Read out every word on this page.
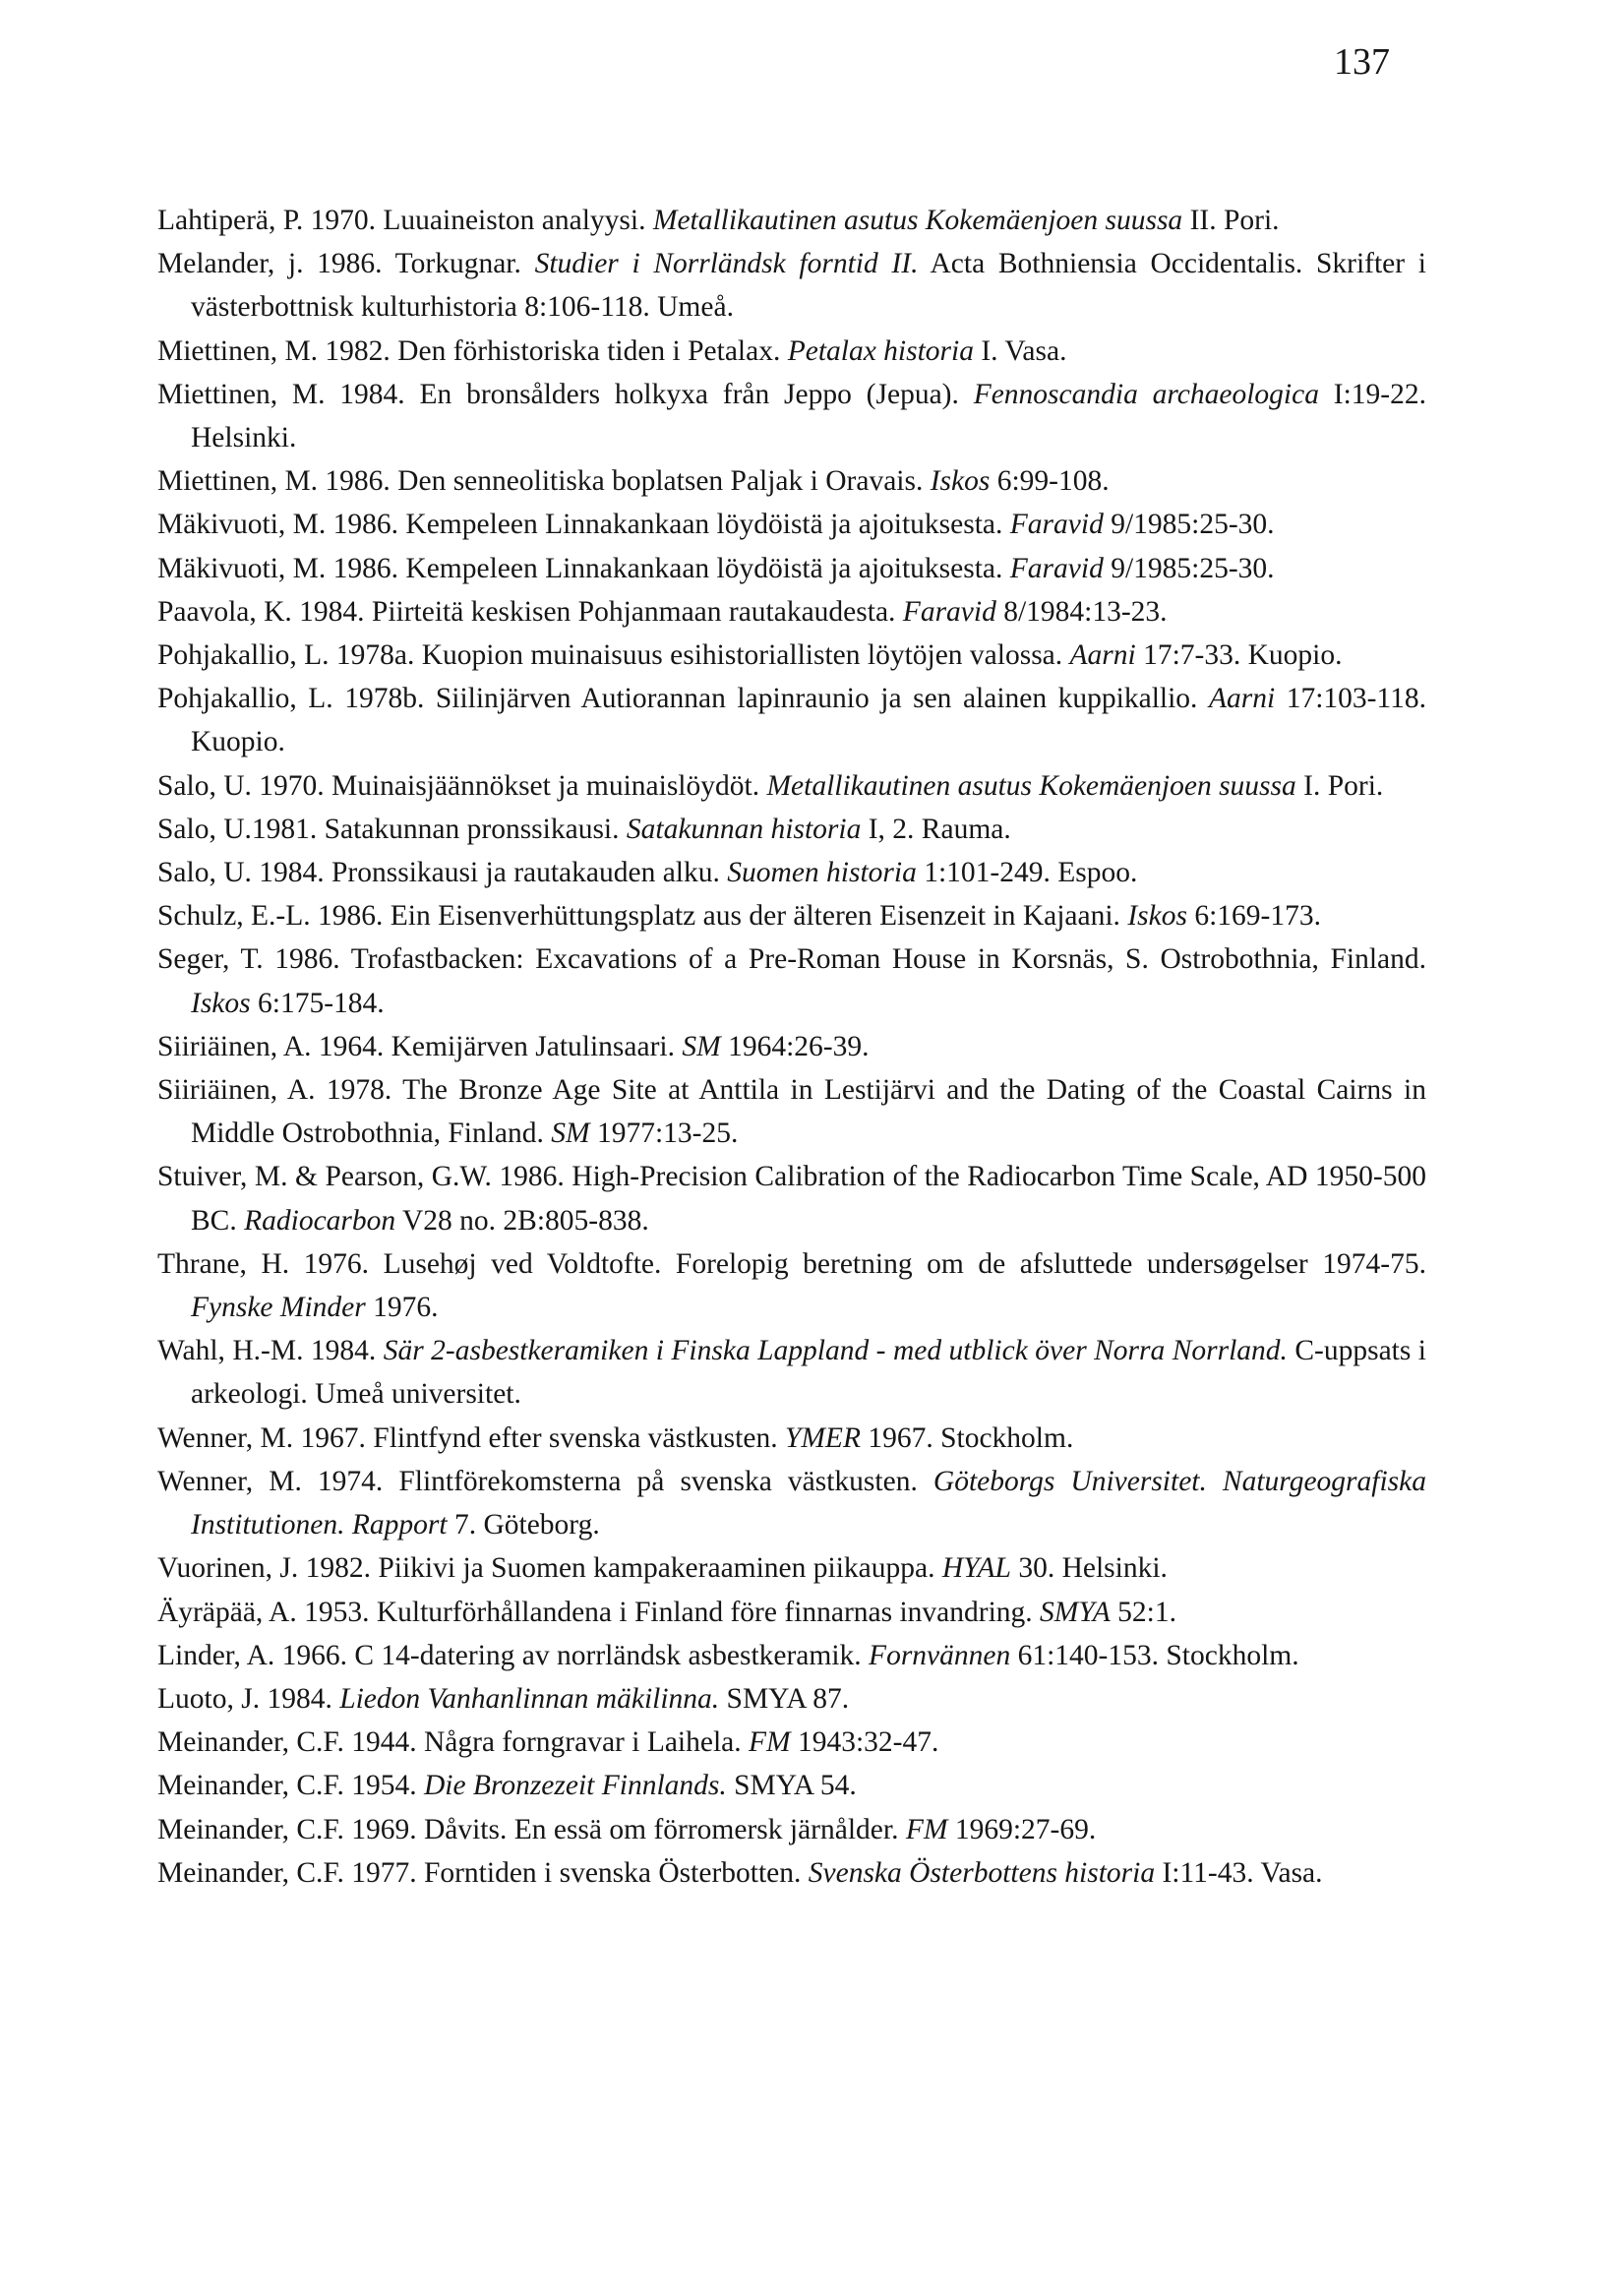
137

Lahtiperä, P. 1970. Luuaineiston analyysi. Metallikautinen asutus Kokemäenjoen suussa II. Pori.

Melander, j. 1986. Torkugnar. Studier i Norrländsk forntid II. Acta Bothniensia Occidentalis. Skrifter i västerbottnisk kulturhistoria 8:106-118. Umeå.

Miettinen, M. 1982. Den förhistoriska tiden i Petalax. Petalax historia I. Vasa.

Miettinen, M. 1984. En bronsålders holkyxa från Jeppo (Jepua). Fennoscandia archaeologica I:19-22. Helsinki.

Miettinen, M. 1986. Den senneolitiska boplatsen Paljak i Oravais. Iskos 6:99-108.

Mäkivuoti, M. 1986. Kempeleen Linnakankaan löydöistä ja ajoituksesta. Faravid 9/1985:25-30.

Mäkivuoti, M. 1986. Kempeleen Linnakankaan löydöistä ja ajoituksesta. Faravid 9/1985:25-30.

Paavola, K. 1984. Piirteitä keskisen Pohjanmaan rautakaudesta. Faravid 8/1984:13-23.

Pohjakallio, L. 1978a. Kuopion muinaisuus esihistoriallisten löytöjen valossa. Aarni 17:7-33. Kuopio.

Pohjakallio, L. 1978b. Siilinjärven Autiorannan lapinraunio ja sen alainen kuppikallio. Aarni 17:103-118. Kuopio.

Salo, U. 1970. Muinaisjäännökset ja muinaislöydöt. Metallikautinen asutus Kokemäenjoen suussa I. Pori.

Salo, U.1981. Satakunnan pronssikausi. Satakunnan historia I, 2. Rauma.

Salo, U. 1984. Pronssikausi ja rautakauden alku. Suomen historia 1:101-249. Espoo.

Schulz, E.-L. 1986. Ein Eisenverhüttungsplatz aus der älteren Eisenzeit in Kajaani. Iskos 6:169-173.

Seger, T. 1986. Trofastbacken: Excavations of a Pre-Roman House in Korsnäs, S. Ostrobothnia, Finland. Iskos 6:175-184.

Siiriäinen, A. 1964. Kemijärven Jatulinsaari. SM 1964:26-39.

Siiriäinen, A. 1978. The Bronze Age Site at Anttila in Lestijärvi and the Dating of the Coastal Cairns in Middle Ostrobothnia, Finland. SM 1977:13-25.

Stuiver, M. & Pearson, G.W. 1986. High-Precision Calibration of the Radiocarbon Time Scale, AD 1950-500 BC. Radiocarbon V28 no. 2B:805-838.

Thrane, H. 1976. Lusehøj ved Voldtofte. Forelopig beretning om de afsluttede undersøgelser 1974-75. Fynske Minder 1976.

Wahl, H.-M. 1984. Sär 2-asbestkeramiken i Finska Lappland - med utblick över Norra Norrland. C-uppsats i arkeologi. Umeå universitet.

Wenner, M. 1967. Flintfynd efter svenska västkusten. YMER 1967. Stockholm.

Wenner, M. 1974. Flintförekomsterna på svenska västkusten. Göteborgs Universitet. Naturgeografiska Institutionen. Rapport 7. Göteborg.

Vuorinen, J. 1982. Piikivi ja Suomen kampakeraaminen piikauppa. HYAL 30. Helsinki.

Äyräpää, A. 1953. Kulturförhållandena i Finland före finnarnas invandring. SMYA 52:1.

Linder, A. 1966. C 14-datering av norrländsk asbestkeramik. Fornvännen 61:140-153. Stockholm.

Luoto, J. 1984. Liedon Vanhanlinnan mäkilinna. SMYA 87.

Meinander, C.F. 1944. Några forngravar i Laihela. FM 1943:32-47.

Meinander, C.F. 1954. Die Bronzezeit Finnlands. SMYA 54.

Meinander, C.F. 1969. Dåvits. En essä om förromersk järnålder. FM 1969:27-69.

Meinander, C.F. 1977. Forntiden i svenska Österbotten. Svenska Österbottens historia I:11-43. Vasa.
